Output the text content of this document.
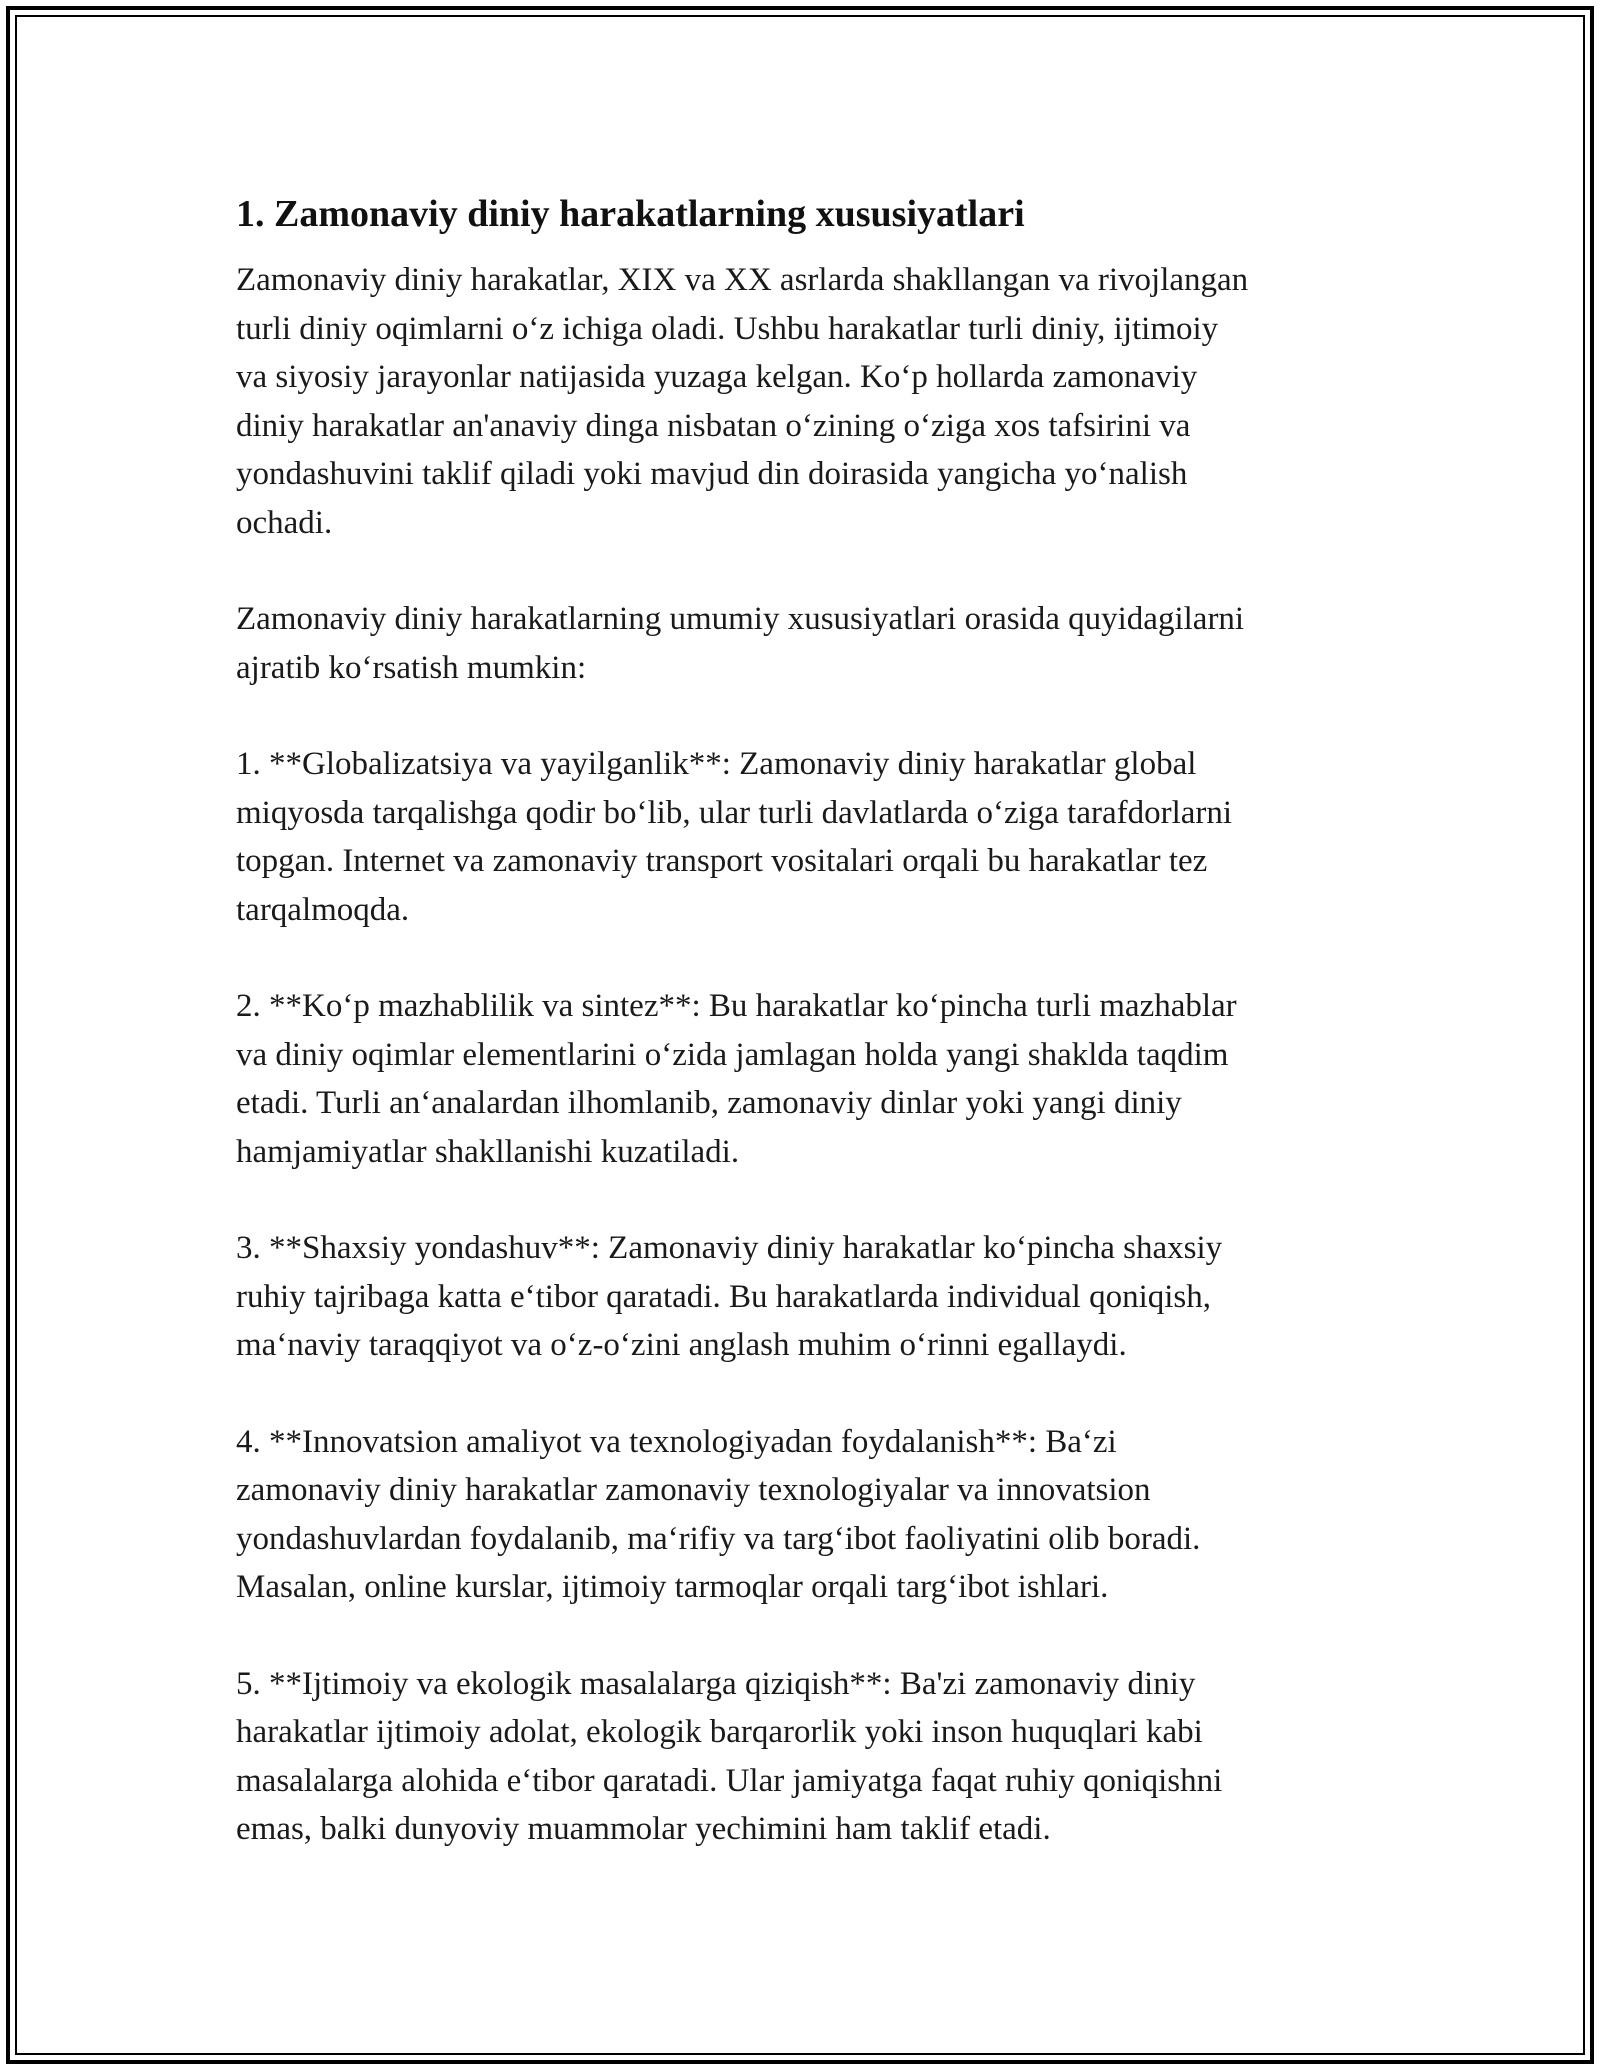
1. Zamonaviy diniy harakatlarning xususiyatlari

Zamonaviy diniy harakatlar, XIX va XX asrlarda shakllangan va rivojlangan
turli diniy oqimlarni o‘z ichiga oladi. Ushbu harakatlar turli diniy, ijtimoiy
va siyosiy jarayonlar natijasida yuzaga kelgan. Ko‘p hollarda zamonaviy
diniy harakatlar an'anaviy dinga nisbatan o‘zining o‘ziga xos tafsirini va
yondashuvini taklif qiladi yoki mavjud din doirasida yangicha yo‘nalish
ochadi.

Zamonaviy diniy harakatlarning umumiy xususiyatlari orasida quyidagilarni
ajratib ko‘rsatish mumkin:

1. **Globalizatsiya va yayilganlik**: Zamonaviy diniy harakatlar global
miqyosda tarqalishga qodir bo‘lib, ular turli davlatlarda o‘ziga tarafdorlarni
topgan. Internet va zamonaviy transport vositalari orqali bu harakatlar tez
tarqalmoqda.

2. **Ko‘p mazhablilik va sintez**: Bu harakatlar ko‘pincha turli mazhablar
va diniy oqimlar elementlarini o‘zida jamlagan holda yangi shaklda taqdim
etadi. Turli an‘analardan ilhomlanib, zamonaviy dinlar yoki yangi diniy
hamjamiyatlar shakllanishi kuzatiladi.

3. **Shaxsiy yondashuv**: Zamonaviy diniy harakatlar ko‘pincha shaxsiy
ruhiy tajribaga katta e‘tibor qaratadi. Bu harakatlarda individual qoniqish,
ma‘naviy taraqqiyot va o‘z-o‘zini anglash muhim o‘rinni egallaydi.

4. **Innovatsion amaliyot va texnologiyadan foydalanish**: Ba‘zi
zamonaviy diniy harakatlar zamonaviy texnologiyalar va innovatsion
yondashuvlardan foydalanib, ma‘rifiy va targ‘ibot faoliyatini olib boradi.
Masalan, online kurslar, ijtimoiy tarmoqlar orqali targ‘ibot ishlari.

5. **Ijtimoiy va ekologik masalalarga qiziqish**: Ba'zi zamonaviy diniy
harakatlar ijtimoiy adolat, ekologik barqarorlik yoki inson huquqlari kabi
masalalarga alohida e‘tibor qaratadi. Ular jamiyatga faqat ruhiy qoniqishni
emas, balki dunyoviy muammolar yechimini ham taklif etadi.
